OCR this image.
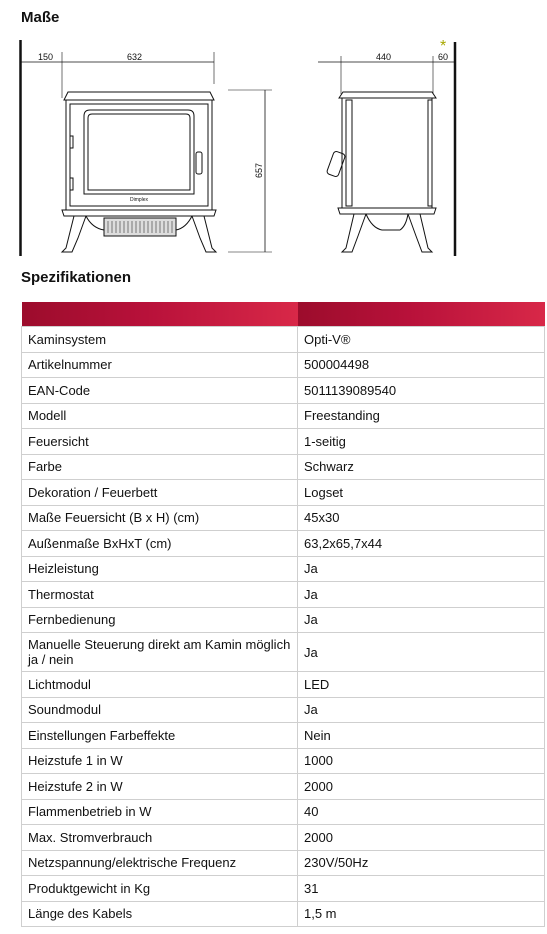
Maße
150	632
657
440	60
Dimplex
*
Spezifikationen

Kaminsystem	Opti-V®
Artikelnummer	500004498
EAN-Code	5011139089540
Modell	Freestanding
Feuersicht	1-seitig
Farbe	Schwarz
Dekoration / Feuerbett	Logset
Maße Feuersicht (B x H) (cm)	45x30
Außenmaße BxHxT (cm)	63,2x65,7x44
Heizleistung	Ja
Thermostat	Ja
Fernbedienung	Ja
Manuelle Steuerung direkt am Kamin möglich ja / nein	Ja
Lichtmodul	LED
Soundmodul	Ja
Einstellungen Farbeffekte	Nein
Heizstufe 1 in W	1000
Heizstufe 2 in W	2000
Flammenbetrieb in W	40
Max. Stromverbrauch	2000
Netzspannung/elektrische Frequenz	230V/50Hz
Produktgewicht in Kg	31
Länge des Kabels	1,5 m
